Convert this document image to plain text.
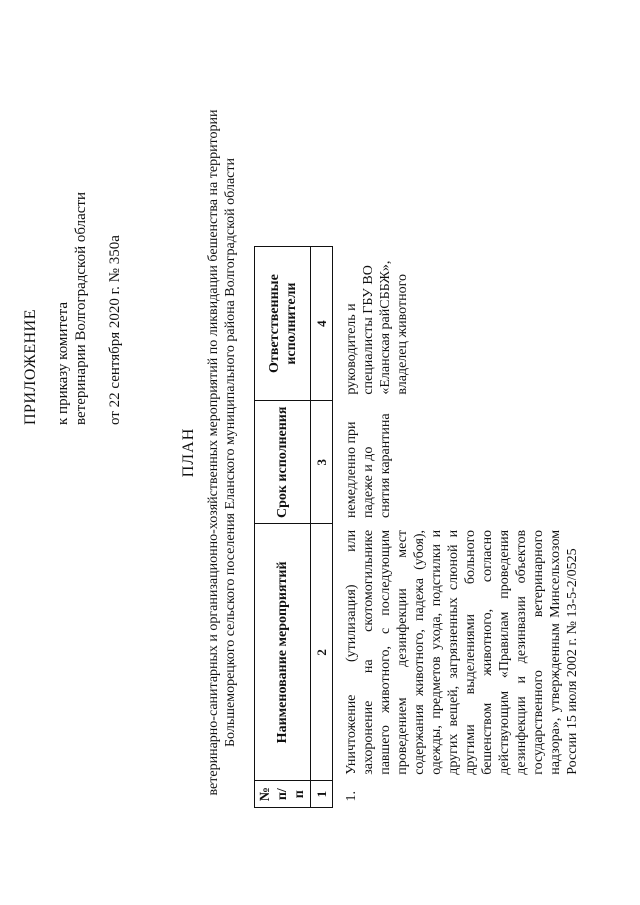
ПРИЛОЖЕНИЕ к приказу комитета ветеринарии Волгоградской области от 22 сентября 2020 г. № 350а

ПЛАН ветеринарно-санитарных и организационно-хозяйственных мероприятий по ликвидации бешенства на территории Большеморецкого сельского поселения Еланского муниципального района Волгоградской области
№ п/п	Наименование мероприятий	Срок исполнения	Ответственные исполнители
1	2	3	4
1.	Уничтожение (утилизация) или захоронение на скотомогильнике павшего животного, с последующим проведением дезинфекции мест содержания животного, падежа (убоя), одежды, предметов ухода, подстилки и других вещей, загрязненных слюной и другими выделениями больного бешенством животного, согласно действующим «Правилам проведения дезинфекции и дезинвазии объектов государственного ветеринарного надзора», утвержденным Минсельхозом России 15 июля 2002 г. № 13-5-2/0525	немедленно при падеже и до снятия карантина	руководитель и специалисты ГБУ ВО «Еланская райСББЖ», владелец животного
